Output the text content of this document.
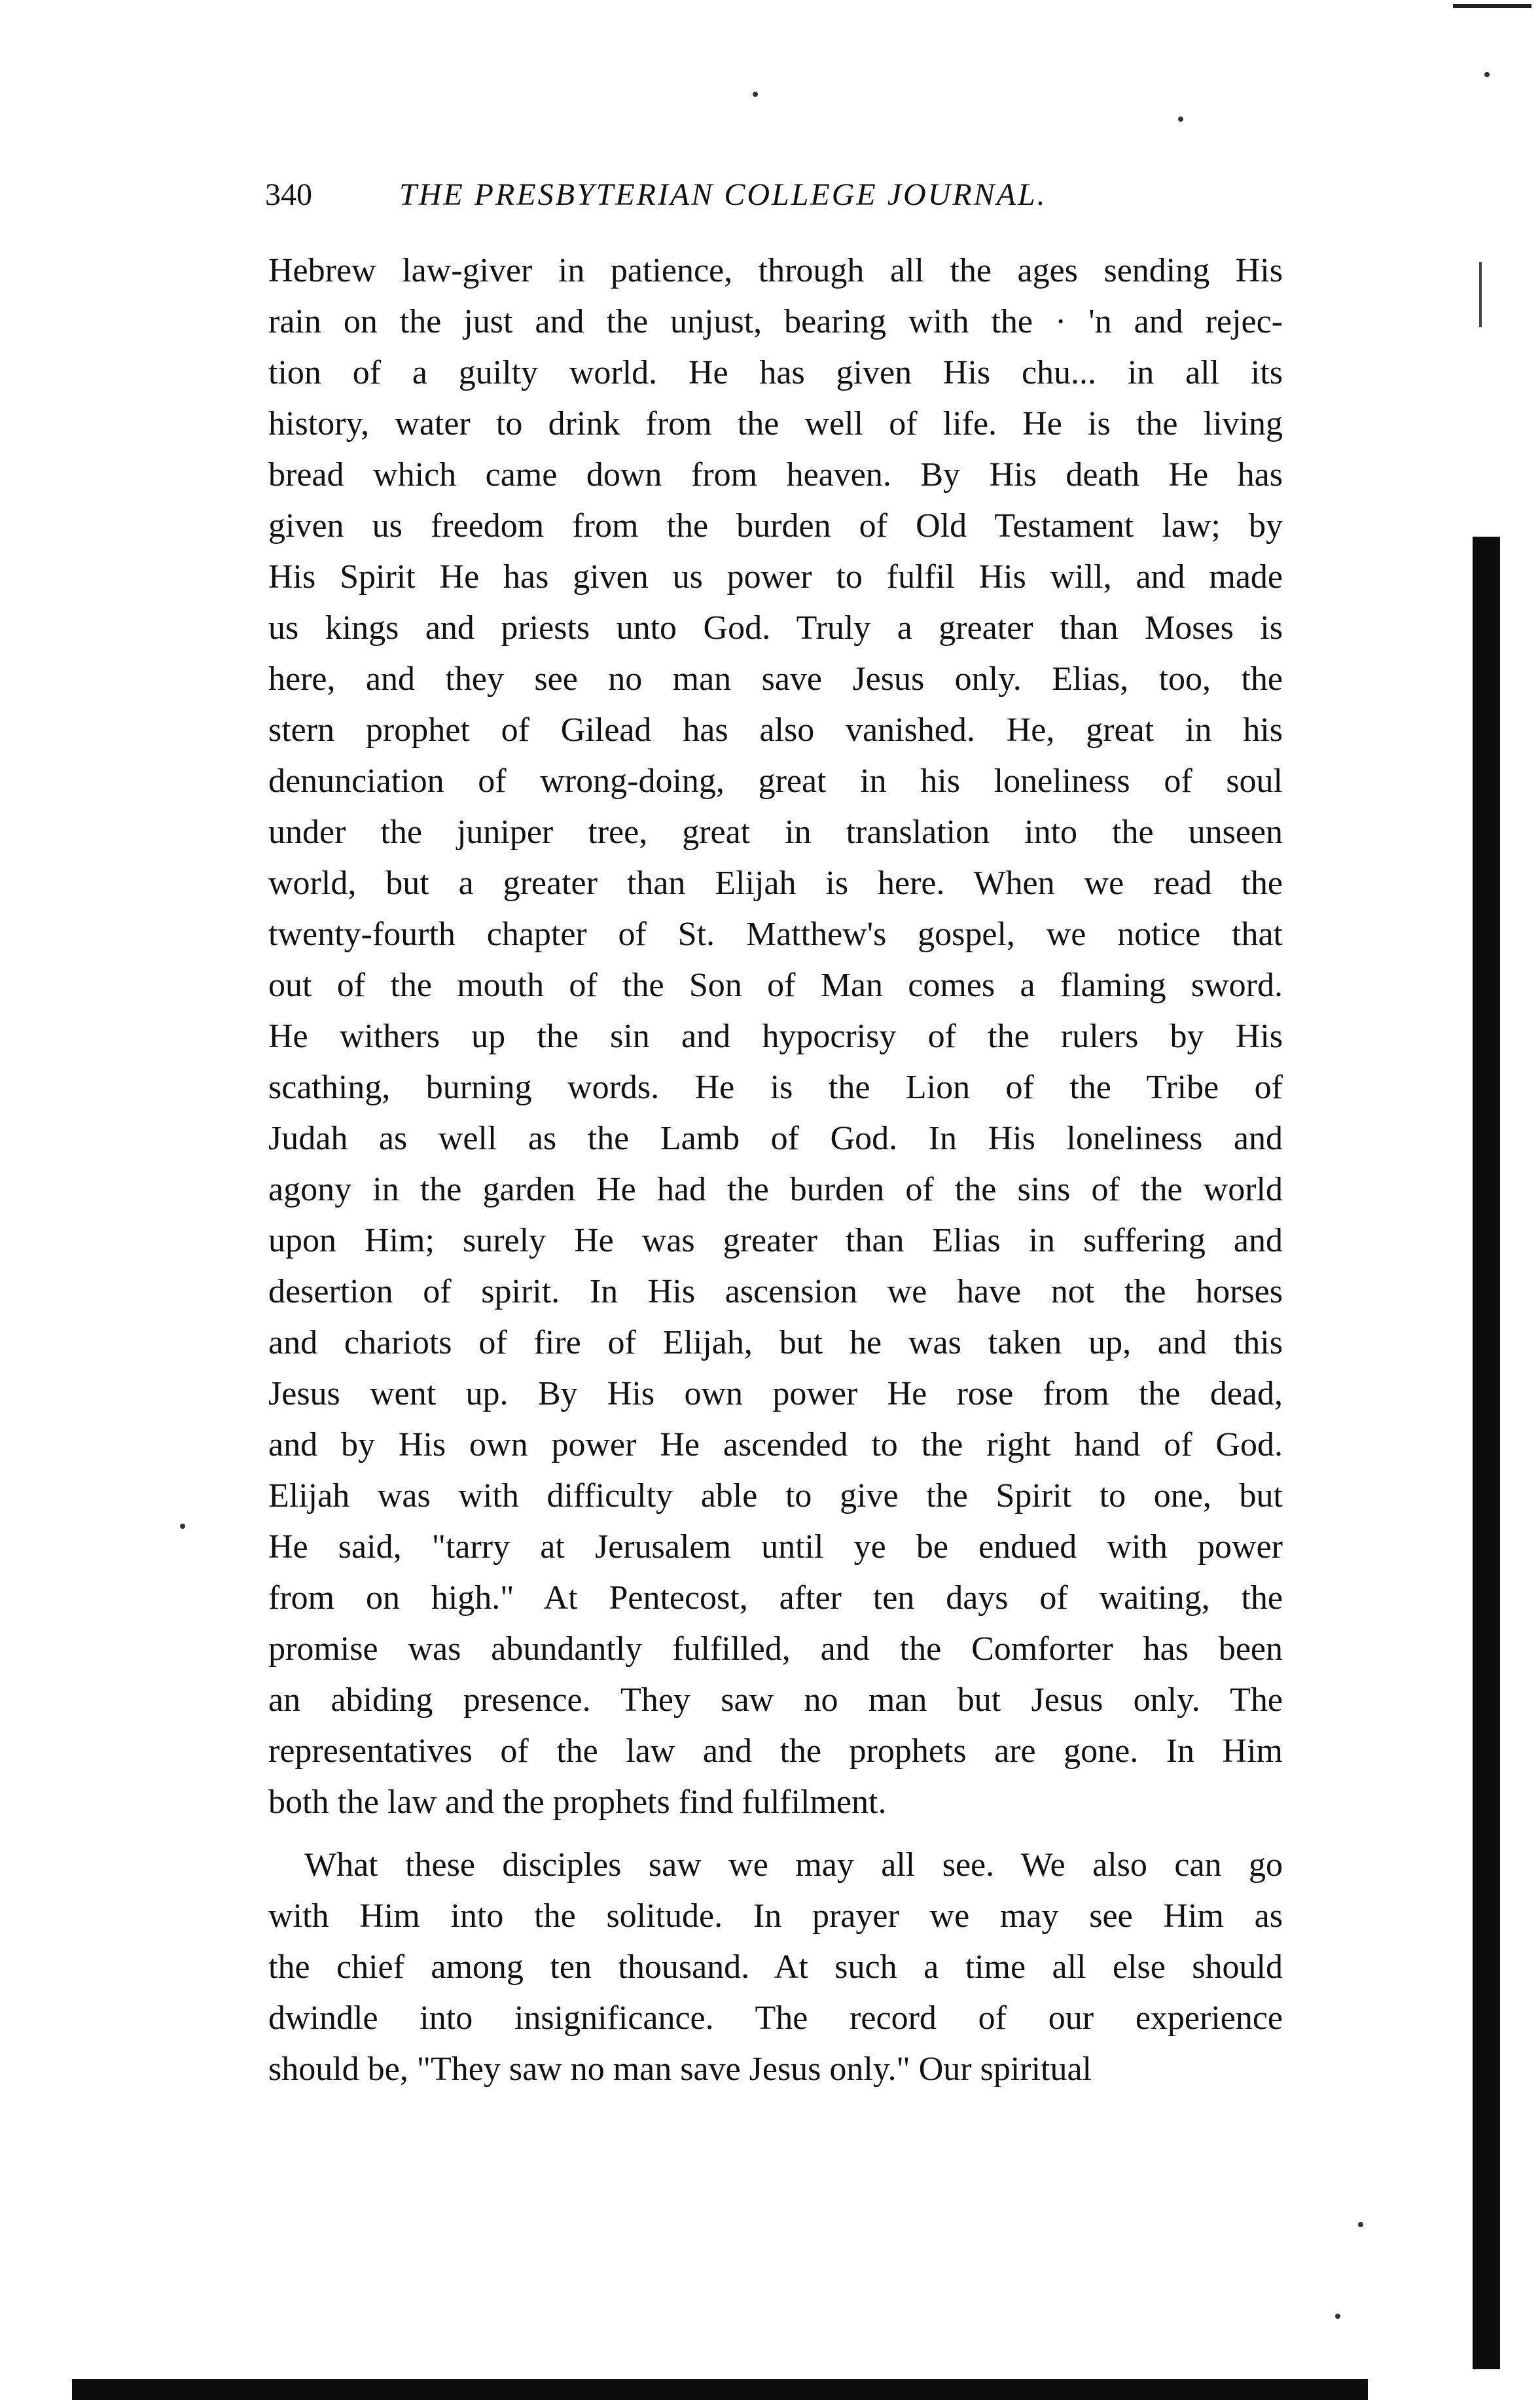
340	THE PRESBYTERIAN COLLEGE JOURNAL.
Hebrew law-giver in patience, through all the ages sending His
rain on the just and the unjust, bearing with the · 'n and rejec-
tion of a guilty world. He has given His chu... in all its
history, water to drink from the well of life. He is the living
bread which came down from heaven. By His death He has
given us freedom from the burden of Old Testament law; by
His Spirit He has given us power to fulfil His will, and made
us kings and priests unto God. Truly a greater than Moses is
here, and they see no man save Jesus only. Elias, too, the
stern prophet of Gilead has also vanished. He, great in his
denunciation of wrong-doing, great in his loneliness of soul
under the juniper tree, great in translation into the unseen
world, but a greater than Elijah is here. When we read the
twenty-fourth chapter of St. Matthew's gospel, we notice that
out of the mouth of the Son of Man comes a flaming sword.
He withers up the sin and hypocrisy of the rulers by His
scathing, burning words. He is the Lion of the Tribe of
Judah as well as the Lamb of God. In His loneliness and
agony in the garden He had the burden of the sins of the world
upon Him; surely He was greater than Elias in suffering and
desertion of spirit. In His ascension we have not the horses
and chariots of fire of Elijah, but he was taken up, and this
Jesus went up. By His own power He rose from the dead,
and by His own power He ascended to the right hand of God.
Elijah was with difficulty able to give the Spirit to one, but
He said, "tarry at Jerusalem until ye be endued with power
from on high." At Pentecost, after ten days of waiting, the
promise was abundantly fulfilled, and the Comforter has been
an abiding presence. They saw no man but Jesus only. The
representatives of the law and the prophets are gone. In Him
both the law and the prophets find fulfilment.
What these disciples saw we may all see. We also can go
with Him into the solitude. In prayer we may see Him as
the chief among ten thousand. At such a time all else should
dwindle into insignificance. The record of our experience
should be, "They saw no man save Jesus only." Our spiritual
